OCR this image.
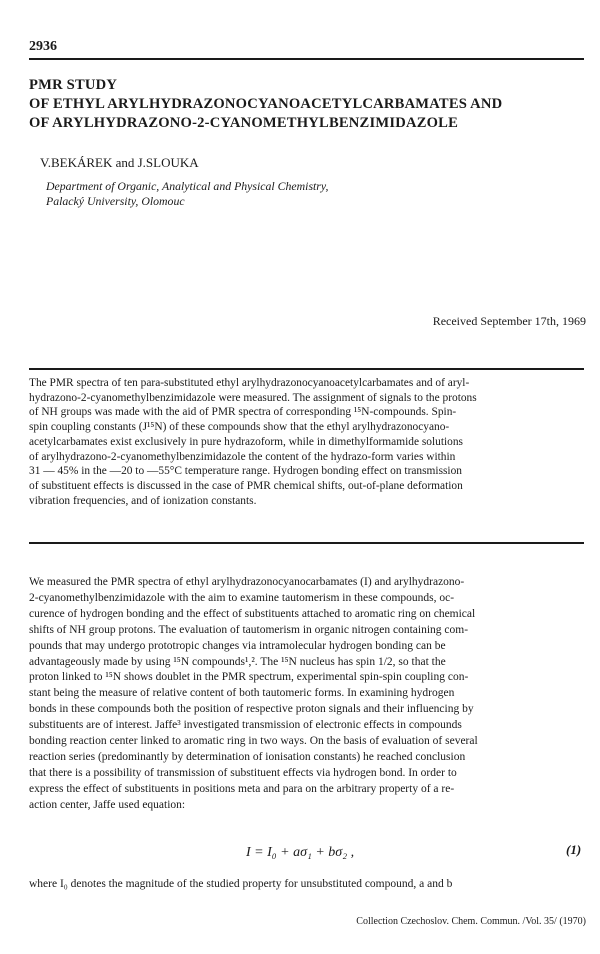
2936
PMR STUDY
OF ETHYL ARYLHYDRAZONOCYANOACETYLCARBAMATES AND
OF ARYLHYDRAZONO-2-CYANOMETHYLBENZIMIDAZOLE
V.BEKÁREK and J.SLOUKA
Department of Organic, Analytical and Physical Chemistry,
Palacký University, Olomouc
Received September 17th, 1969
The PMR spectra of ten para-substituted ethyl arylhydrazonocyanoacetylcarbamates and of aryl-
hydrazono-2-cyanomethylbenzimidazole were measured. The assignment of signals to the protons
of NH groups was made with the aid of PMR spectra of corresponding ¹⁵N-compounds. Spin-
spin coupling constants (J¹⁵N) of these compounds show that the ethyl arylhydrazonocyano-
acetylcarbamates exist exclusively in pure hydrazoform, while in dimethylformamide solutions
of arylhydrazono-2-cyanomethylbenzimidazole the content of the hydrazo-form varies within
31 — 45% in the —20 to —55°C temperature range. Hydrogen bonding effect on transmission
of substituent effects is discussed in the case of PMR chemical shifts, out-of-plane deformation
vibration frequencies, and of ionization constants.
We measured the PMR spectra of ethyl arylhydrazonocyanocarbamates (I) and arylhydrazono-
2-cyanomethylbenzimidazole with the aim to examine tautomerism in these compounds, oc-
curence of hydrogen bonding and the effect of substituents attached to aromatic ring on chemical
shifts of NH group protons. The evaluation of tautomerism in organic nitrogen containing com-
pounds that may undergo prototropic changes via intramolecular hydrogen bonding can be
advantageously made by using ¹⁵N compounds¹,². The ¹⁵N nucleus has spin 1/2, so that the
proton linked to ¹⁵N shows doublet in the PMR spectrum, experimental spin-spin coupling con-
stant being the measure of relative content of both tautomeric forms. In examining hydrogen
bonds in these compounds both the position of respective proton signals and their influencing by
substituents are of interest. Jaffe³ investigated transmission of electronic effects in compounds
bonding reaction center linked to aromatic ring in two ways. On the basis of evaluation of several
reaction series (predominantly by determination of ionisation constants) he reached conclusion
that there is a possibility of transmission of substituent effects via hydrogen bond. In order to
express the effect of substituents in positions meta and para on the arbitrary property of a re-
action center, Jaffe used equation:
I = I₀ + aσ₁ + bσ₂ ,	(1)
where I₀ denotes the magnitude of the studied property for unsubstituted compound, a and b
Collection Czechoslov. Chem. Commun. /Vol. 35/ (1970)
